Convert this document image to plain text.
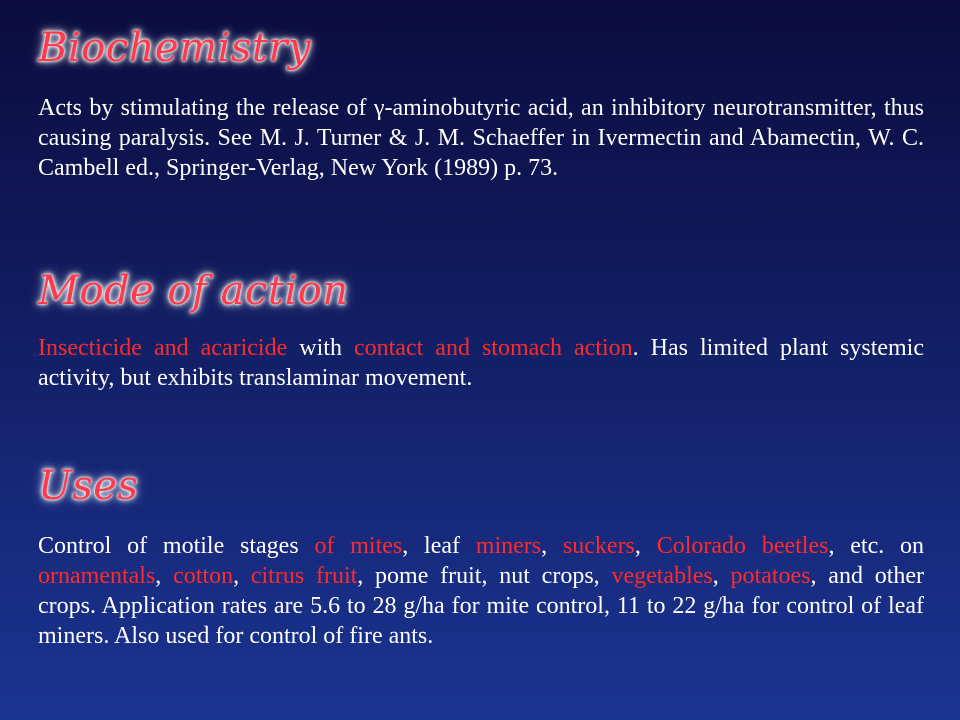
Biochemistry

Acts by stimulating the release of γ-aminobutyric acid, an inhibitory neurotransmitter, thus causing paralysis. See M. J. Turner & J. M. Schaeffer in Ivermectin and Abamectin, W. C. Cambell ed., Springer-Verlag, New York (1989) p. 73.

Mode of action

Insecticide and acaricide with contact and stomach action. Has limited plant systemic activity, but exhibits translaminar movement.

Uses

Control of motile stages of mites, leaf miners, suckers, Colorado beetles, etc. on ornamentals, cotton, citrus fruit, pome fruit, nut crops, vegetables, potatoes, and other crops. Application rates are 5.6 to 28 g/ha for mite control, 11 to 22 g/ha for control of leaf miners. Also used for control of fire ants.
